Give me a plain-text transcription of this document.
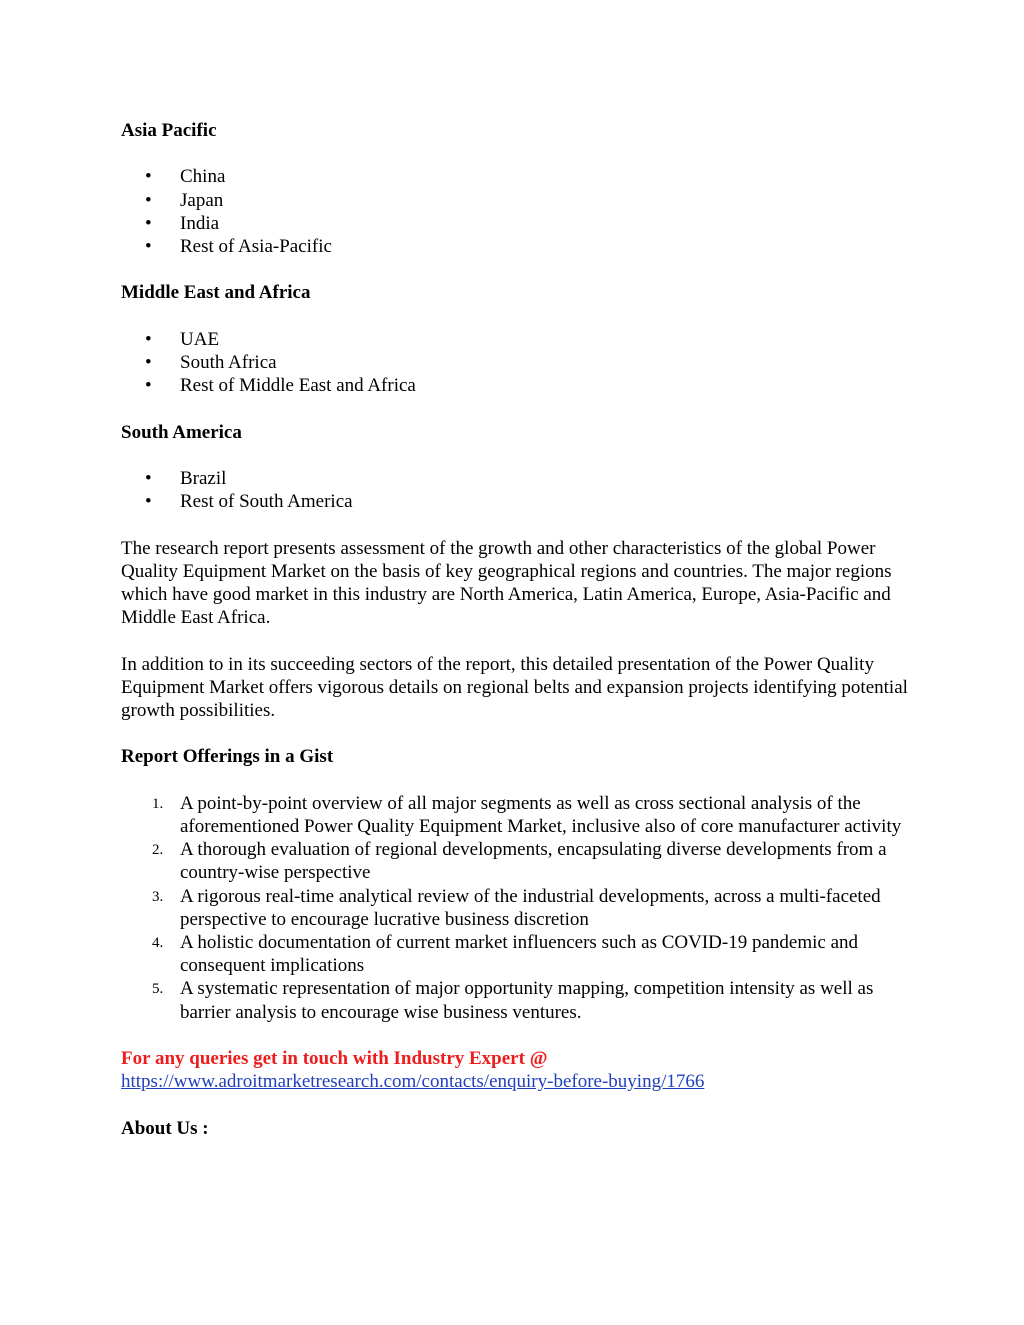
Asia Pacific
•	China
•	Japan
•	India
•	Rest of Asia-Pacific
Middle East and Africa
•	UAE
•	South Africa
•	Rest of Middle East and Africa
South America
•	Brazil
•	Rest of South America

The research report presents assessment of the growth and other characteristics of the global Power Quality Equipment Market on the basis of key geographical regions and countries. The major regions which have good market in this industry are North America, Latin America, Europe, Asia-Pacific and Middle East Africa.

In addition to in its succeeding sectors of the report, this detailed presentation of the Power Quality Equipment Market offers vigorous details on regional belts and expansion projects identifying potential growth possibilities.

Report Offerings in a Gist
1. A point-by-point overview of all major segments as well as cross sectional analysis of the aforementioned Power Quality Equipment Market, inclusive also of core manufacturer activity
2. A thorough evaluation of regional developments, encapsulating diverse developments from a country-wise perspective
3. A rigorous real-time analytical review of the industrial developments, across a multi-faceted perspective to encourage lucrative business discretion
4. A holistic documentation of current market influencers such as COVID-19 pandemic and consequent implications
5. A systematic representation of major opportunity mapping, competition intensity as well as barrier analysis to encourage wise business ventures.

For any queries get in touch with Industry Expert @

https://www.adroitmarketresearch.com/contacts/enquiry-before-buying/1766

About Us :
